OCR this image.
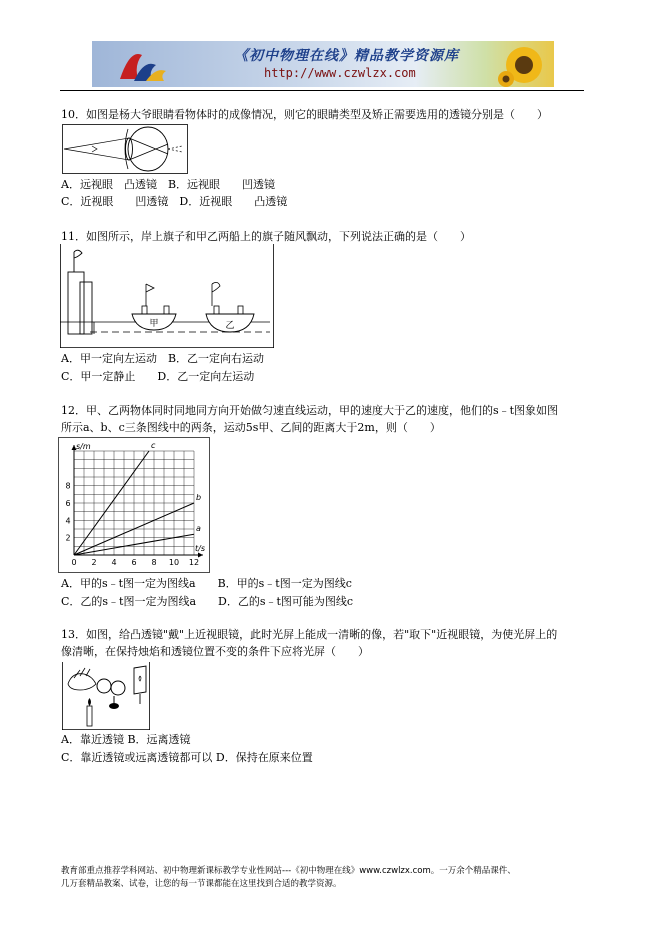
《初中物理在线》精品教学资源库
http://www.czwlzx.com
10．如图是杨大爷眼睛看物体时的成像情况，则它的眼睛类型及矫正需要选用的透镜分别是（　　）
A．远视眼　凸透镜　B．远视眼　　凹透镜
C．近视眼　　凹透镜　D．近视眼　　凸透镜
11．如图所示，岸上旗子和甲乙两船上的旗子随风飘动，下列说法正确的是（　　）
甲	乙
A．甲一定向左运动　B．乙一定向右运动
C．甲一定静止　　D．乙一定向左运动
12．甲、乙两物体同时同地同方向开始做匀速直线运动，甲的速度大于乙的速度，他们的s﹣t图象如图
所示a、b、c三条图线中的两条，运动5s甲、乙间的距离大于2m，则（　　）
s/m
t/s
0 2 4 6 8 10 12
2
4
6
8
a
b
c
A．甲的s﹣t图一定为图线a　　B．甲的s﹣t图一定为图线c
C．乙的s﹣t图一定为图线a　　D．乙的s﹣t图可能为图线c
13．如图，给凸透镜"戴"上近视眼镜，此时光屏上能成一清晰的像，若"取下"近视眼镜，为使光屏上的
像清晰，在保持烛焰和透镜位置不变的条件下应将光屏（　　）
A．靠近透镜 B．远离透镜
C．靠近透镜或远离透镜都可以 D．保持在原来位置
教育部重点推荐学科网站、初中物理新课标教学专业性网站---《初中物理在线》www.czwlzx.com。一万余个精品课件、
几万套精品教案、试卷，让您的每一节课都能在这里找到合适的教学资源。
